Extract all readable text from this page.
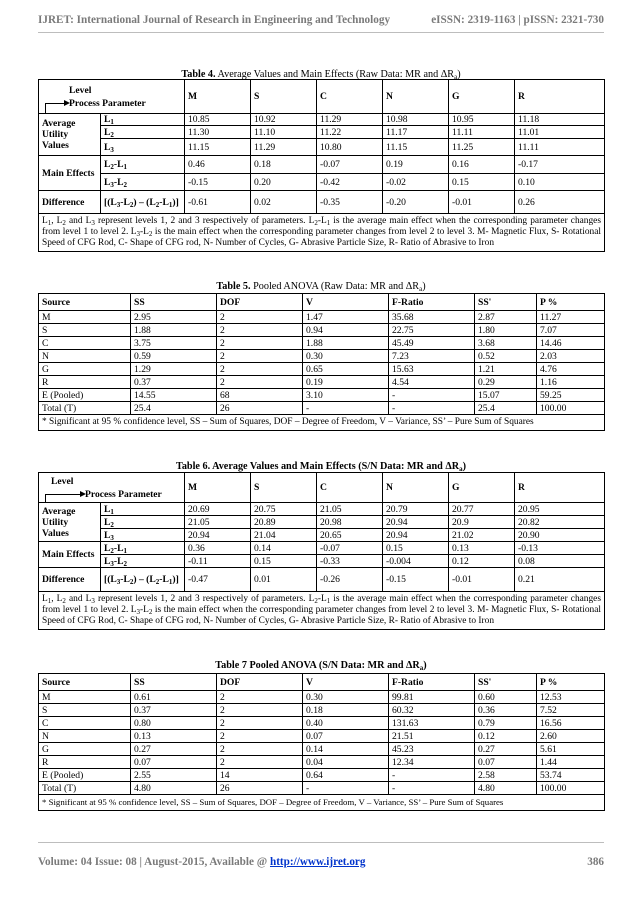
IJRET: International Journal of Research in Engineering and Technology	eISSN: 2319-1163 | pISSN: 2321-730
Table 4. Average Values and Main Effects (Raw Data: MR and $\Delta R_a$)
Process Parameter
Level		M	S	C	N	G	R
Average Utility Values	$L_1$	10.85	10.92	11.29	10.98	10.95	11.18
	$L_2$	11.30	11.10	11.22	11.17	11.11	11.01
	$L_3$	11.15	11.29	10.80	11.15	11.25	11.11
Main Effects	$L_2-L_1$	0.46	0.18	-0.07	0.19	0.16	-0.17
	$L_3-L_2$	-0.15	0.20	-0.42	-0.02	0.15	0.10
Difference	$[(L_3-L_2) - (L_2-L_1)]$	-0.61	0.02	-0.35	-0.20	-0.01	0.26
$L_1$, $L_2$ and $L_3$ represent levels 1, 2 and 3 respectively of parameters. $L_2-L_1$ is the average main effect when the corresponding parameter changes from level 1 to level 2. $L_3-L_2$ is the main effect when the corresponding parameter changes from level 2 to level 3. M- Magnetic Flux, S- Rotational Speed of CFG Rod, C- Shape of CFG rod, N- Number of Cycles, G- Abrasive Particle Size, R- Ratio of Abrasive to Iron							
Table 5. Pooled ANOVA (Raw Data: MR and $\Delta R_a$)
Source	SS	DOF	V	F-Ratio	SS'	P %
M	2.95	2	1.47	35.68	2.87	11.27
S	1.88	2	0.94	22.75	1.80	7.07
C	3.75	2	1.88	45.49	3.68	14.46
N	0.59	2	0.30	7.23	0.52	2.03
G	1.29	2	0.65	15.63	1.21	4.76
R	0.37	2	0.19	4.54	0.29	1.16
E (Pooled)	14.55	68	3.10	-	15.07	59.25
Total (T)	25.4	26	-	-	25.4	100.00
* Significant at 95 % confidence level, SS – Sum of Squares, DOF – Degree of Freedom, V – Variance, SS’ – Pure Sum of Squares						
Table 6. Average Values and Main Effects (S/N Data: MR and $\Delta R_a$)
Process Parameter
Level		M	S	C	N	G	R
Average Utility Values	$L_1$	20.69	20.75	21.05	20.79	20.77	20.95
	$L_2$	21.05	20.89	20.98	20.94	20.9	20.82
	$L_3$	20.94	21.04	20.65	20.94	21.02	20.90
Main Effects	$L_2-L_1$	0.36	0.14	-0.07	0.15	0.13	-0.13
	$L_3-L_2$	-0.11	0.15	-0.33	-0.004	0.12	0.08
Difference	$[(L_3-L_2) - (L_2-L_1)]$	-0.47	0.01	-0.26	-0.15	-0.01	0.21
$L_1$, $L_2$ and $L_3$ represent levels 1, 2 and 3 respectively of parameters. $L_2-L_1$ is the average main effect when the corresponding parameter changes from level 1 to level 2. $L_3-L_2$ is the main effect when the corresponding parameter changes from level 2 to level 3. M- Magnetic Flux, S- Rotational Speed of CFG Rod, C- Shape of CFG rod, N- Number of Cycles, G- Abrasive Particle Size, R- Ratio of Abrasive to Iron							
Table 7 Pooled ANOVA (S/N Data: MR and $\Delta R_a$)
Source	SS	DOF	V	F-Ratio	SS'	P %
M	0.61	2	0.30	99.81	0.60	12.53
S	0.37	2	0.18	60.32	0.36	7.52
C	0.80	2	0.40	131.63	0.79	16.56
N	0.13	2	0.07	21.51	0.12	2.60
G	0.27	2	0.14	45.23	0.27	5.61
R	0.07	2	0.04	12.34	0.07	1.44
E (Pooled)	2.55	14	0.64	-	2.58	53.74
Total (T)	4.80	26	-	-	4.80	100.00
* Significant at 95 % confidence level, SS – Sum of Squares, DOF – Degree of Freedom, V – Variance, SS’ – Pure Sum of Squares						
Volume: 04 Issue: 08 | August-2015, Available @ http://www.ijret.org	386
